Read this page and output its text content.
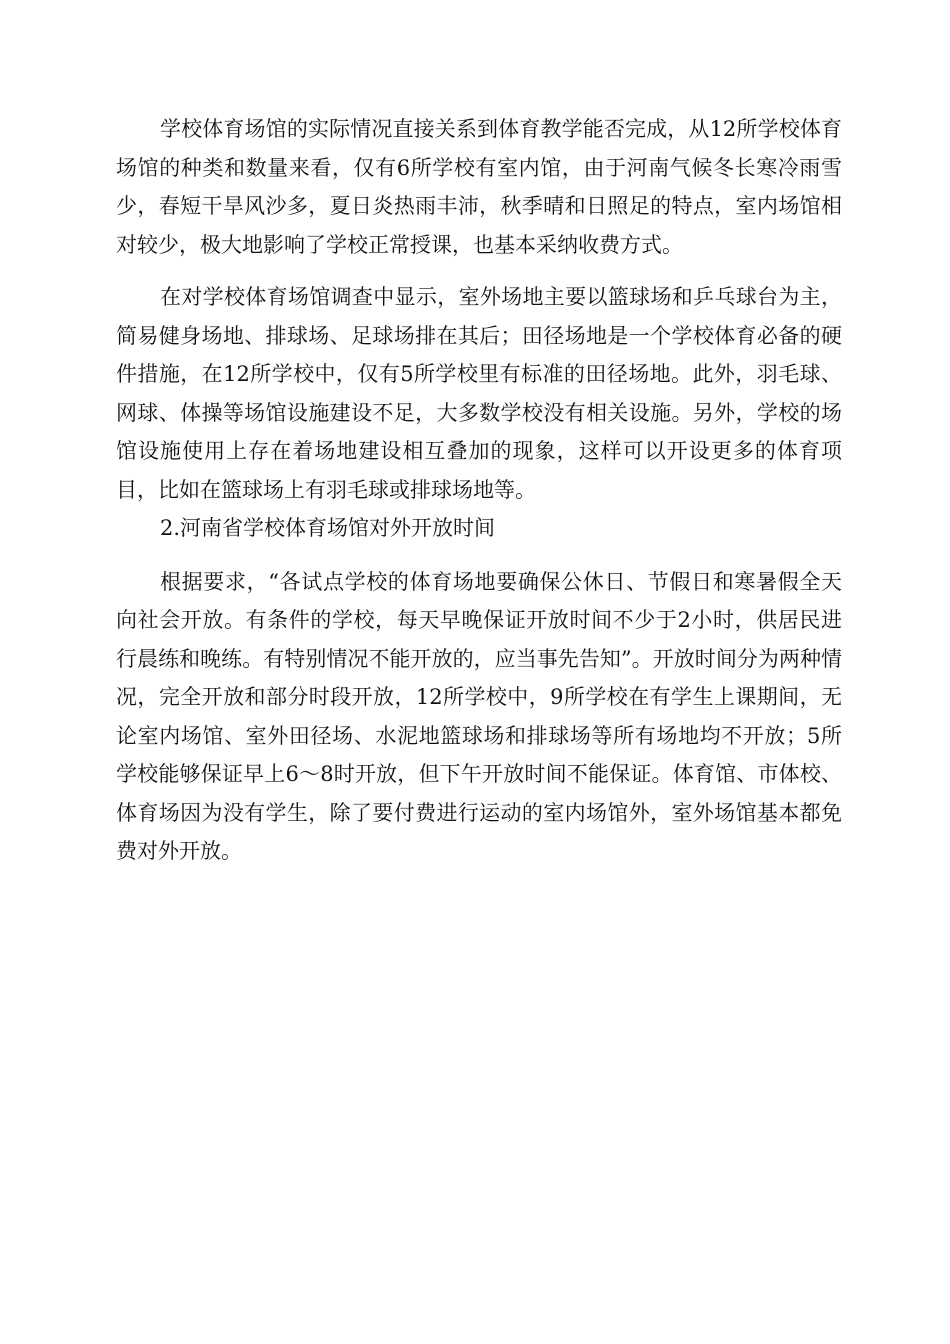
学校体育场馆的实际情况直接关系到体育教学能否完成，从12所学校体育场馆的种类和数量来看，仅有6所学校有室内馆，由于河南气候冬长寒冷雨雪少，春短干旱风沙多，夏日炎热雨丰沛，秋季晴和日照足的特点，室内场馆相对较少，极大地影响了学校正常授课，也基本采纳收费方式。

在对学校体育场馆调查中显示，室外场地主要以篮球场和乒乓球台为主，简易健身场地、排球场、足球场排在其后；田径场地是一个学校体育必备的硬件措施，在12所学校中，仅有5所学校里有标准的田径场地。此外，羽毛球、网球、体操等场馆设施建设不足，大多数学校没有相关设施。另外，学校的场馆设施使用上存在着场地建设相互叠加的现象，这样可以开设更多的体育项目，比如在篮球场上有羽毛球或排球场地等。

2.河南省学校体育场馆对外开放时间

根据要求，“各试点学校的体育场地要确保公休日、节假日和寒暑假全天向社会开放。有条件的学校，每天早晚保证开放时间不少于2小时，供居民进行晨练和晚练。有特别情况不能开放的，应当事先告知”。开放时间分为两种情况，完全开放和部分时段开放，12所学校中，9所学校在有学生上课期间，无论室内场馆、室外田径场、水泥地篮球场和排球场等所有场地均不开放；5所学校能够保证早上6～8时开放，但下午开放时间不能保证。体育馆、市体校、体育场因为没有学生，除了要付费进行运动的室内场馆外，室外场馆基本都免费对外开放。
